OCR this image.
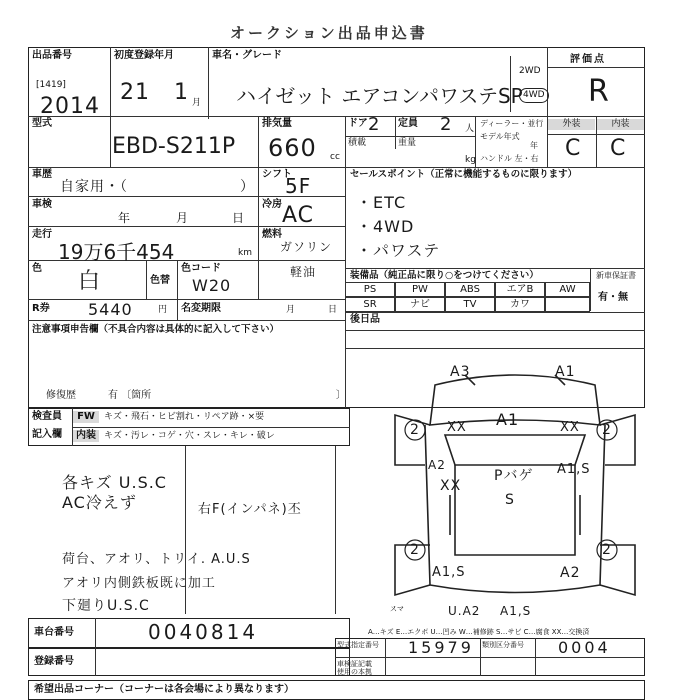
オークション出品申込書
出品番号
[1419]
2014
初度登録年月
21 1 月
車名・グレード
ハイゼット エアコンパワステSP
2WD
4WD
評価点
R
型式
EBD-S211P
排気量
660 cc
ドア 2 定員 2 人
積載	重量
kg
ディーラー・並行
モデル年式
年
ハンドル 左・右
外装	内装
C C
車歴
自家用・（	）
シフト
5F
車検
年	月	日
冷房 AC
走行
19万6千454	km
燃料
ガソリン
軽油
色
白	色替
色コード
W20
R券 5440	円 名変期限	月	日
注意事項申告欄（不具合内容は具体的に記入して下さい）
修復歴	有 〔箇所	〕
セールスポイント（正常に機能するものに限ります）
・ETC
・4WD
・パワステ
装備品（純正品に限り○をつけてください）	新車保証書
有・無
PS	PW	ABS	エアB	AW
SR	ナビ	TV	カワ
後日品
検査員
記入欄
FW	キズ・飛石・ヒビ割れ・リペア跡・×要
内装 キズ・汚レ・コゲ・穴・スレ・キレ・破レ
各キズ U.S.C
AC冷えず	右F(インパネ)丕
荷台、アオリ、トリイ. A.U.S
アオリ内側鉄板既に加工
下廻りU.S.C
2	2
2	2
A3	A1
XX A1	XX
A2
Pバゲ A1,S
XX
S
A1,S	A2
U.A2 A1,S
スマ
A…キズ E…エクボ U…凹み W…補修跡 S…サビ C…腐食 XX…交換済
車台番号	0040814
登録番号
型式指定番号 15979 類別区分番号 0004
車検証記載
使用の本拠
希望出品コーナー（コーナーは各会場により異なります）
